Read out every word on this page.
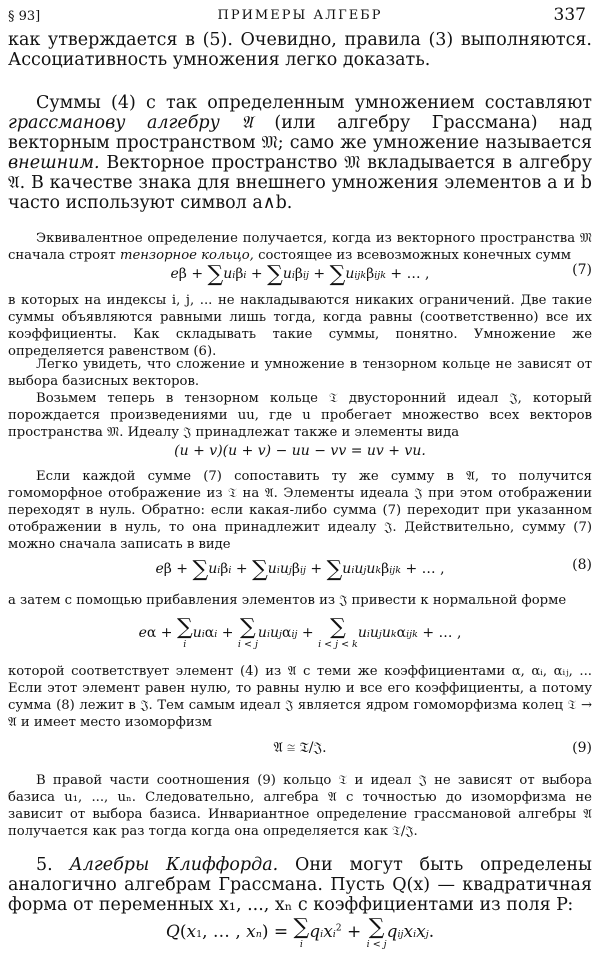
§ 93]	ПРИМЕРЫ АЛГЕБР	337

как утверждается в (5). Очевидно, правила (3) выполняются. Ассоциативность умножения легко доказать.

Суммы (4) с так определенным умножением составляют грассманову алгебру 𝔄 (или алгебру Грассмана) над векторным пространством 𝔐; само же умножение называется внешним. Векторное пространство 𝔐 вкладывается в алгебру 𝔄. В качестве знака для внешнего умножения элементов a и b часто используют символ a∧b.

Эквивалентное определение получается, когда из векторного пространства 𝔐 сначала строят тензорное кольцо, состоящее из всевозможных конечных сумм

eβ + ∑uiβi + ∑uiβij + ∑uijkβijk + … ,	(7)

в которых на индексы i, j, ... не накладываются никаких ограничений. Две такие суммы объявляются равными лишь тогда, когда равны (соответственно) все их коэффициенты. Как складывать такие суммы, понятно. Умножение же определяется равенством (6).

Легко увидеть, что сложение и умножение в тензорном кольце не зависят от выбора базисных векторов.

Возьмем теперь в тензорном кольце 𝔗 двусторонний идеал 𝔍, который порождается произведениями uu, где u пробегает множество всех векторов пространства 𝔐. Идеалу 𝔍 принадлежат также и элементы вида

(u + v)(u + v) − uu − vv = uv + vu.

Если каждой сумме (7) сопоставить ту же сумму в 𝔄, то получится гомоморфное отображение из 𝔗 на 𝔄. Элементы идеала 𝔍 при этом отображении переходят в нуль. Обратно: если какая-либо сумма (7) переходит при указанном отображении в нуль, то она принадлежит идеалу 𝔍. Действительно, сумму (7) можно сначала записать в виде

eβ + ∑uiβi + ∑uiujβij + ∑uiujukβijk + … ,	(8)

а затем с помощью прибавления элементов из 𝔍 привести к нормальной форме

eα + ∑
i
uiαi + ∑
i < j
uiujαij + ∑
i < j < k
uiujukαijk + … ,

которой соответствует элемент (4) из 𝔄 с теми же коэффициентами α, αᵢ, αᵢⱼ, ... Если этот элемент равен нулю, то равны нулю и все его коэффициенты, а потому сумма (8) лежит в 𝔍. Тем самым идеал 𝔍 является ядром гомоморфизма колец 𝔗 → 𝔄 и имеет место изоморфизм

𝔄 ≅ 𝔗/𝔍.	(9)

В правой части соотношения (9) кольцо 𝔗 и идеал 𝔍 не зависят от выбора базиса u₁, ..., uₙ. Следовательно, алгебра 𝔄 с точностью до изоморфизма не зависит от выбора базиса. Инвариантное определение грассмановой алгебры 𝔄 получается как раз тогда когда она определяется как 𝔗/𝔍.

5. Алгебры Клиффорда. Они могут быть определены аналогично алгебрам Грассмана. Пусть Q(x) — квадратичная форма от переменных x₁, ..., xₙ с коэффициентами из поля P:

Q(x1, … , xn) = ∑
i
qixi$^2$ + ∑
i < j
qijxixj.
